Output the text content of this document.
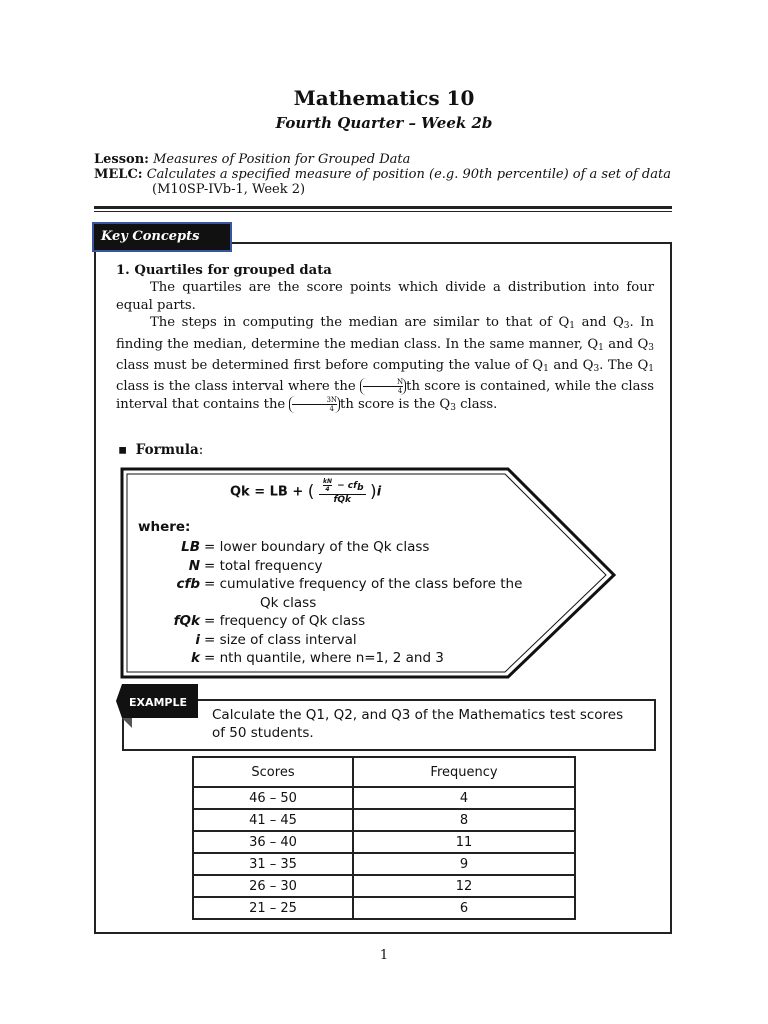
Mathematics 10
Fourth Quarter – Week 2b
Lesson: Measures of Position for Grouped Data
MELC: Calculates a specified measure of position (e.g. 90th percentile) of a set of data
(M10SP-IVb-1, Week 2)
Key Concepts

1. Quartiles for grouped data

The quartiles are the score points which divide a distribution into four equal parts.

The steps in computing the median are similar to that of $Q_1$ and $Q_3$. In finding the median, determine the median class. In the same manner, $Q_1$ and $Q_3$ class must be determined first before computing the value of $Q_1$ and $Q_3$. The $Q_1$ class is the class interval where the $\frac{N}{4}$ th score is contained, while the class interval that contains the $\frac{3N}{4}$ th score is the $Q_3$ class.

▪ Formula:
Qk = LB + ( $\frac{kN}{4} - cf_b$
fQk	)i
where:
LB = lower boundary of the Qk class
N = total frequency
cfb = cumulative frequency of the class before the
Qk class
fQk = frequency of Qk class
i = size of class interval
k = nth quantile, where n=1, 2 and 3
EXAMPLE
Calculate the Q1, Q2, and Q3 of the Mathematics test scores of 50 students.
Scores	Frequency
46 – 50	4
41 – 45	8
36 – 40	11
31 – 35	9
26 – 30	12
21 – 25	6
1
